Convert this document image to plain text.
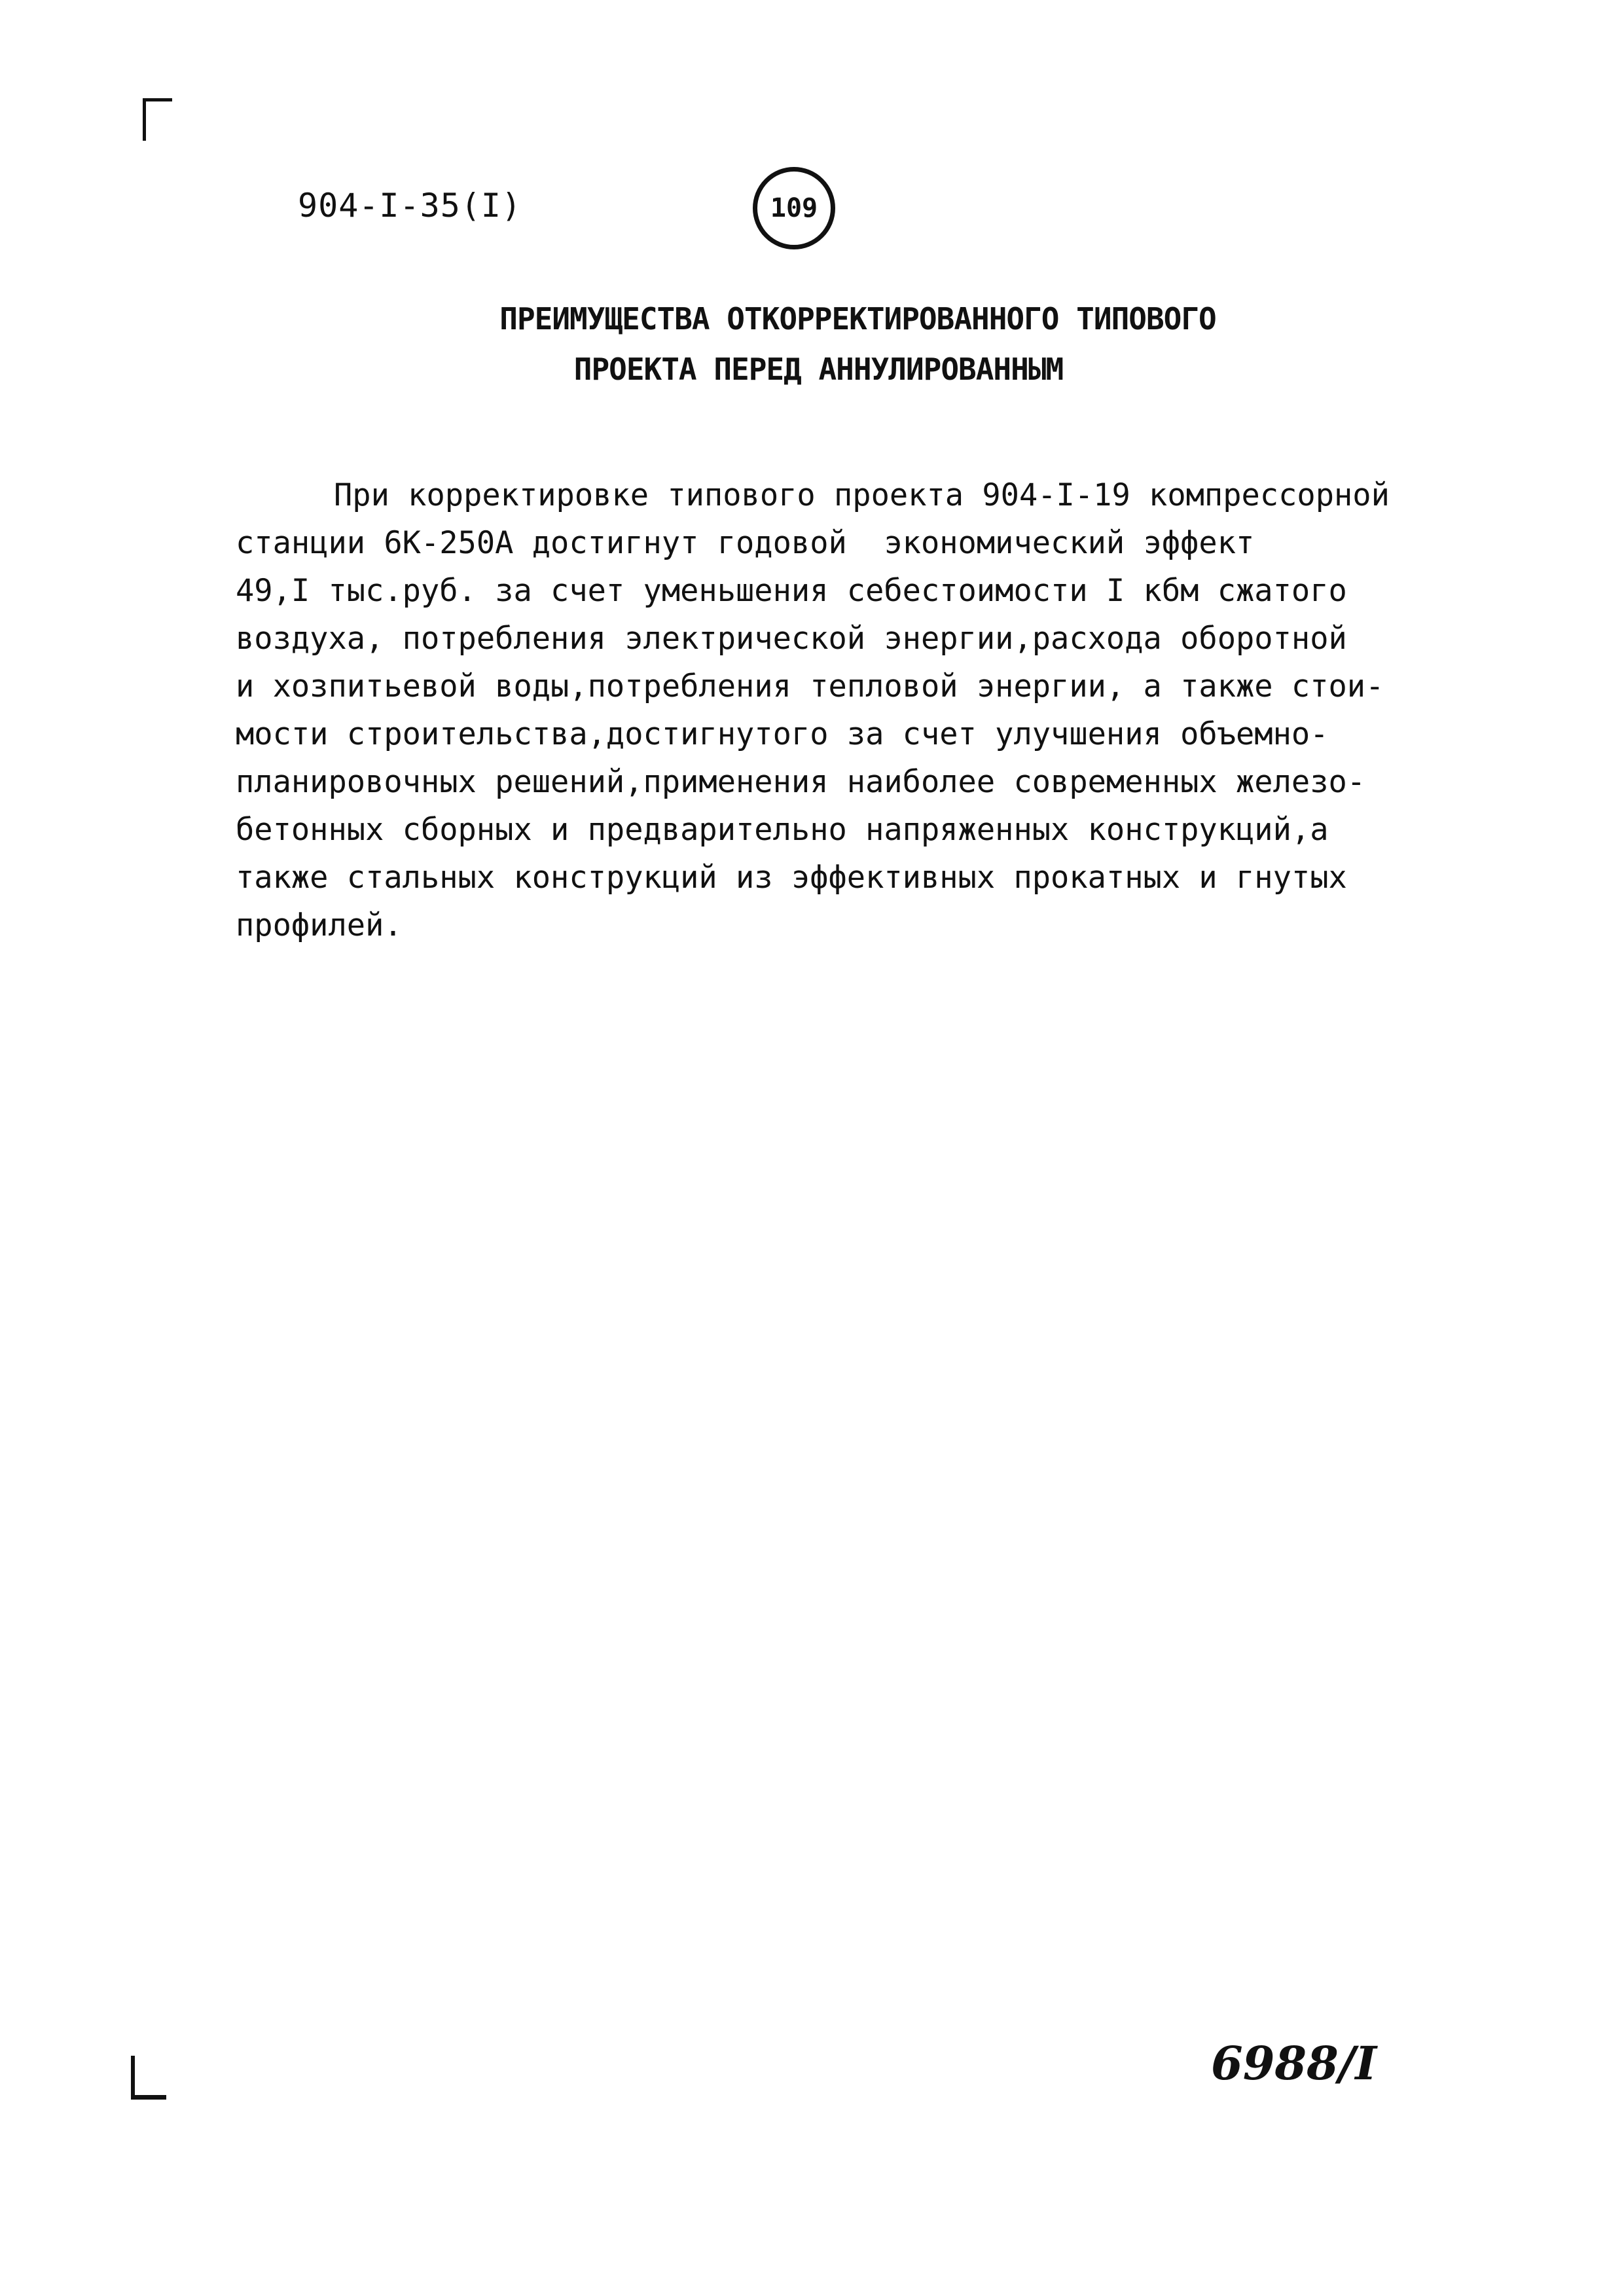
904-I-35(I)	109
ПРЕИМУЩЕСТВА ОТКОРРЕКТИРОВАННОГО ТИПОВОГО
ПРОЕКТА ПЕРЕД АННУЛИРОВАННЫМ
При корректировке типового проекта 904-I-19 компрессорной
станции 6К-250А достигнут годовой  экономический эффект
49,I тыс.руб. за счет уменьшения себестоимости I кбм сжатого
воздуха, потребления электрической энергии,расхода оборотной
и хозпитьевой воды,потребления тепловой энергии, а также стои-
мости строительства,достигнутого за счет улучшения объемно-
планировочных решений,применения наиболее современных железо-
бетонных сборных и предварительно напряженных конструкций,а
также стальных конструкций из эффективных прокатных и гнутых
профилей.
6988/I
